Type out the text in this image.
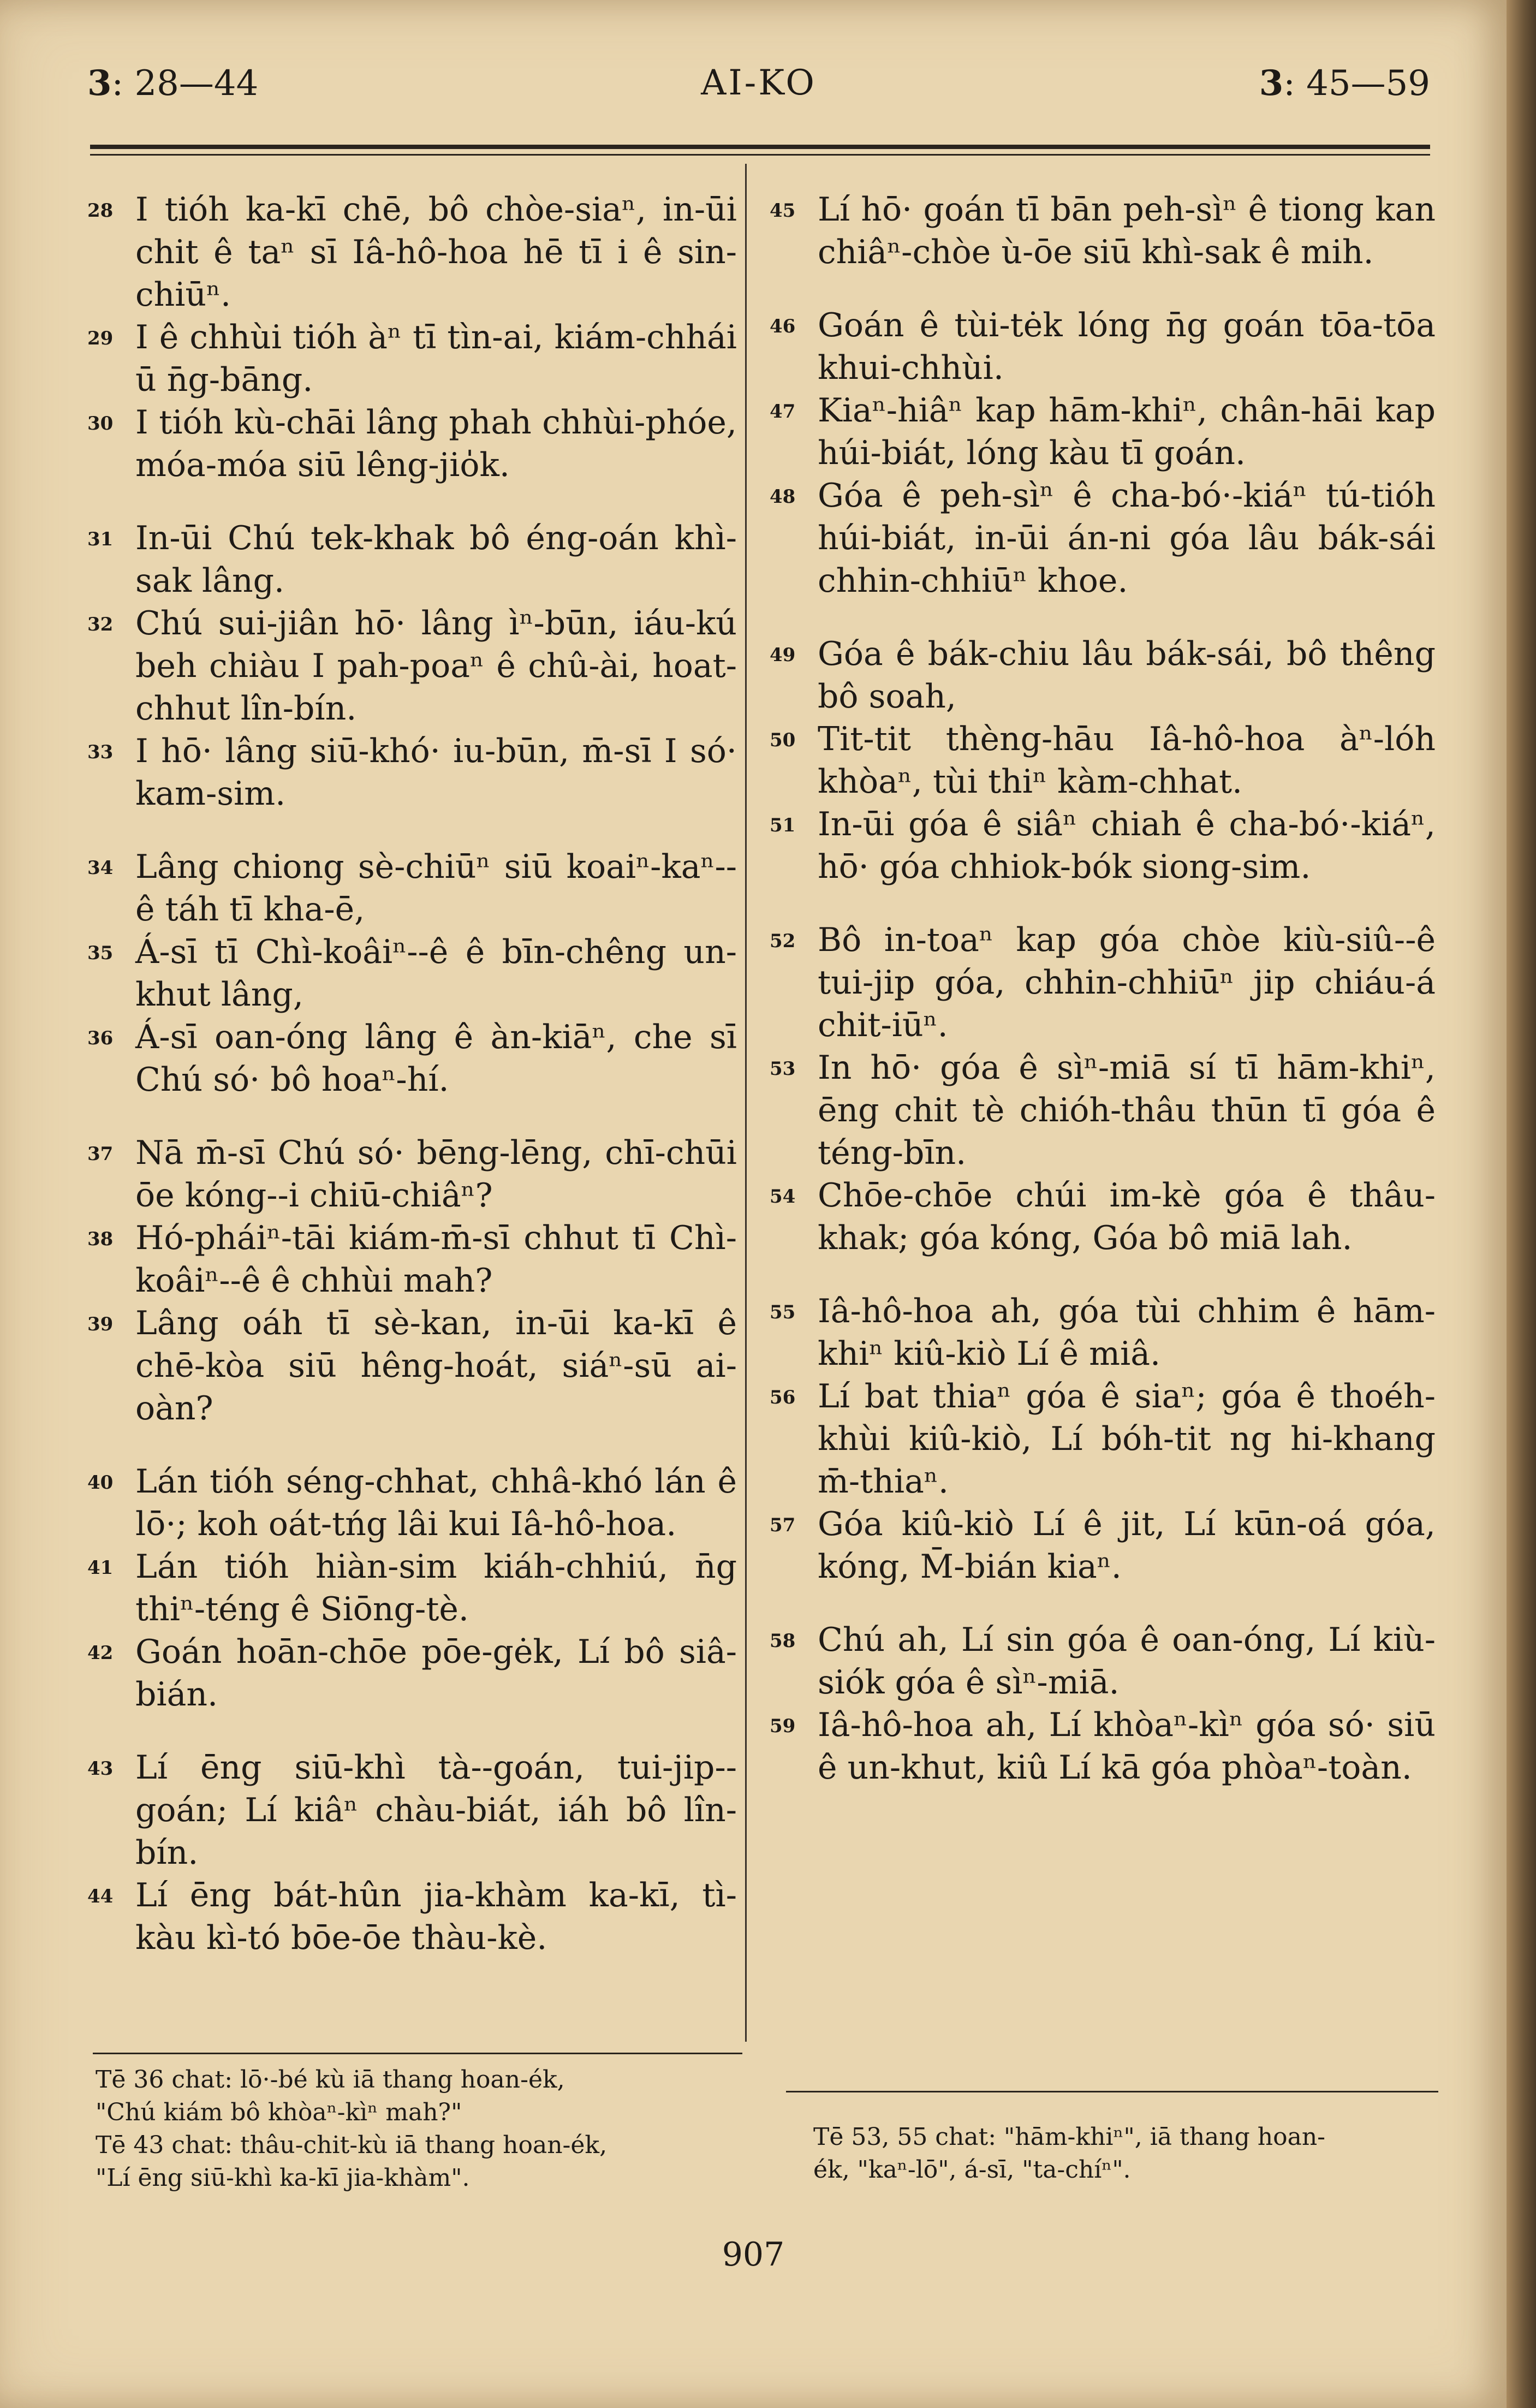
3: 28—44	AI-KO	3: 45—59
28 I tióh ka-kī chē, bô chòe-siaⁿ, in-ūi chit ê taⁿ sī Iâ-hô-hoa hē tī i ê sin-chiūⁿ.
29 I ê chhùi tióh àⁿ tī tìn-ai, kiám-chhái ū n̄g-bāng.
30 I tióh kù-chāi lâng phah chhùi-phóe, móa-móa siū lêng-jio̍k.
31 In-ūi Chú tek-khak bô éng-oán khì-sak lâng.
32 Chú sui-jiân hō· lâng ìⁿ-būn, iáu-kú beh chiàu I pah-poaⁿ ê chû-ài, hoat-chhut lîn-bín.
33 I hō· lâng siū-khó· iu-būn, m̄-sī I só· kam-sim.
34 Lâng chiong sè-chiūⁿ siū koaiⁿ-kaⁿ--ê táh tī kha-ē,
35 Á-sī tī Chì-koâiⁿ--ê ê bīn-chêng un-khut lâng,
36 Á-sī oan-óng lâng ê àn-kiāⁿ, che sī Chú só· bô hoaⁿ-hí.
37 Nā m̄-sī Chú só· bēng-lēng, chī-chūi ōe kóng--i chiū-chiâⁿ?
38 Hó-pháiⁿ-tāi kiám-m̄-sī chhut tī Chì-koâiⁿ--ê ê chhùi mah?
39 Lâng oáh tī sè-kan, in-ūi ka-kī ê chē-kòa siū hêng-hoát, siáⁿ-sū ai-oàn?
40 Lán tióh séng-chhat, chhâ-khó lán ê lō·; koh oát-tńg lâi kui Iâ-hô-hoa.
41 Lán tióh hiàn-sim kiáh-chhiú, n̄g thiⁿ-téng ê Siōng-tè.
42 Goán hoān-chōe pōe-gėk, Lí bô siâ-bián.
43 Lí ēng siū-khì tà--goán, tui-jip--goán; Lí kiâⁿ chàu-biát, iáh bô lîn-bín.
44 Lí ēng bát-hûn jia-khàm ka-kī, tì-kàu kì-tó bōe-ōe thàu-kè.
45 Lí hō· goán tī bān peh-sìⁿ ê tiong kan chiâⁿ-chòe ù-ōe siū khì-sak ê mih.
46 Goán ê tùi-tėk lóng n̄g goán tōa-tōa khui-chhùi.
47 Kiaⁿ-hiâⁿ kap hām-khiⁿ, chân-hāi kap húi-biát, lóng kàu tī goán.
48 Góa ê peh-sìⁿ ê cha-bó·-kiáⁿ tú-tióh húi-biát, in-ūi án-ni góa lâu bák-sái chhin-chhiūⁿ khoe.
49 Góa ê bák-chiu lâu bák-sái, bô thêng bô soah,
50 Tit-tit thèng-hāu Iâ-hô-hoa àⁿ-lóh khòaⁿ, tùi thiⁿ kàm-chhat.
51 In-ūi góa ê siâⁿ chiah ê cha-bó·-kiáⁿ, hō· góa chhiok-bók siong-sim.
52 Bô in-toaⁿ kap góa chòe kiù-siû--ê tui-jip góa, chhin-chhiūⁿ jip chiáu-á chit-iūⁿ.
53 In hō· góa ê sìⁿ-miā sí tī hām-khiⁿ, ēng chit tè chióh-thâu thūn tī góa ê téng-bīn.
54 Chōe-chōe chúi im-kè góa ê thâu-khak; góa kóng, Góa bô miā lah.
55 Iâ-hô-hoa ah, góa tùi chhim ê hām-khiⁿ kiû-kiò Lí ê miâ.
56 Lí bat thiaⁿ góa ê siaⁿ; góa ê thoéh-khùi kiû-kiò, Lí bóh-tit ng hi-khang m̄-thiaⁿ.
57 Góa kiû-kiò Lí ê jit, Lí kūn-oá góa, kóng, M̄-bián kiaⁿ.
58 Chú ah, Lí sin góa ê oan-óng, Lí kiù-siók góa ê sìⁿ-miā.
59 Iâ-hô-hoa ah, Lí khòaⁿ-kìⁿ góa só· siū ê un-khut, kiû Lí kā góa phòaⁿ-toàn.
Tē 36 chat: lō·-bé kù iā thang hoan-ék,
"Chú kiám bô khòaⁿ-kìⁿ mah?"
Tē 43 chat: thâu-chit-kù iā thang hoan-ék,
"Lí ēng siū-khì ka-kī jia-khàm".
Tē 53, 55 chat: "hām-khiⁿ", iā thang hoan-
ék, "kaⁿ-lō", á-sī, "ta-chíⁿ".
907
